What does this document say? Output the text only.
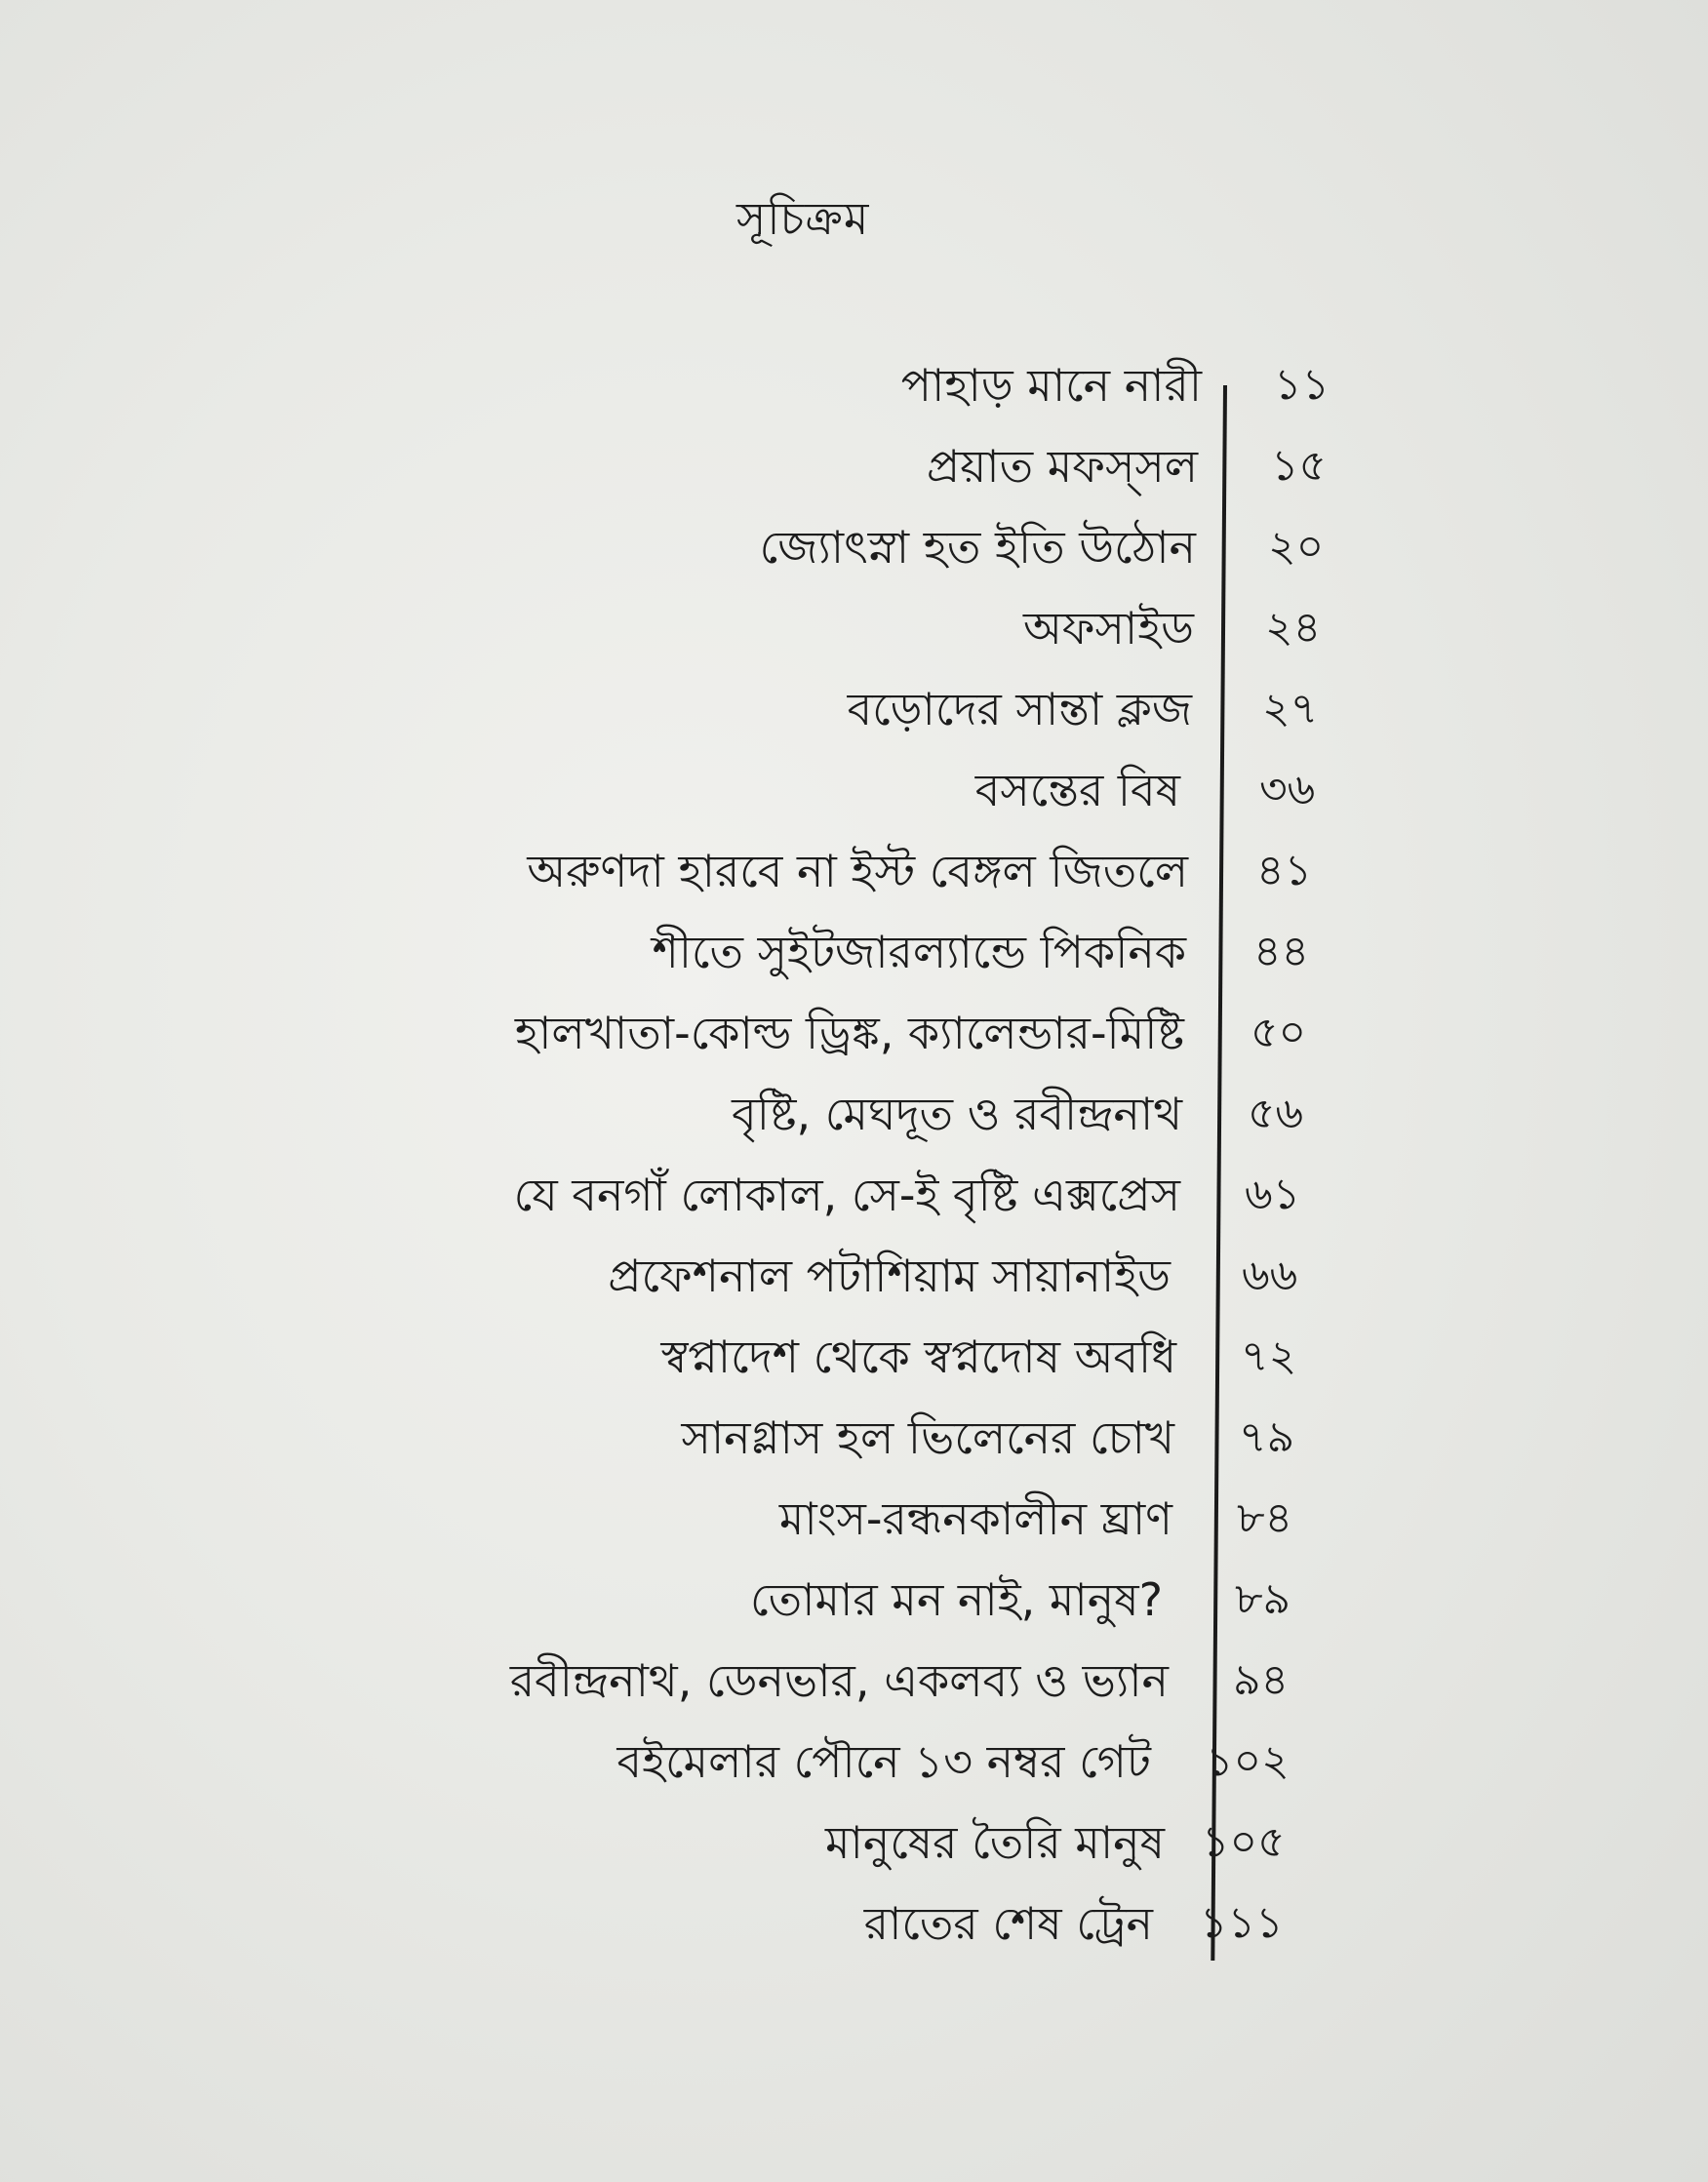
সূচিক্রম
পাহাড় মানে নারী
প্রয়াত মফস্সল
জ্যোৎস্না হত ইতি উঠোন
অফসাইড
বড়োদের সান্তা ক্লজ
বসন্তের বিষ
অরুণদা হারবে না ইস্ট বেঙ্গল জিতলে
শীতে সুইটজারল্যান্ডে পিকনিক
হালখাতা-কোল্ড ড্রিঙ্ক, ক্যালেন্ডার-মিষ্টি
বৃষ্টি, মেঘদূত ও রবীন্দ্রনাথ
যে বনগাঁ লোকাল, সে-ই বৃষ্টি এক্সপ্রেস
প্রফেশনাল পটাশিয়াম সায়ানাইড
স্বপ্নাদেশ থেকে স্বপ্নদোষ অবধি
সানগ্লাস হল ভিলেনের চোখ
মাংস-রন্ধনকালীন ঘ্রাণ
তোমার মন নাই, মানুষ?
রবীন্দ্রনাথ, ডেনভার, একলব্য ও ভ্যান
বইমেলার পৌনে ১৩ নম্বর গেট
মানুষের তৈরি মানুষ
রাতের শেষ ট্রেন
১১
১৫
২০
২৪
২৭
৩৬
৪১
৪৪
৫০
৫৬
৬১
৬৬
৭২
৭৯
৮৪
৮৯
৯৪
১০২
১০৫
১১১
